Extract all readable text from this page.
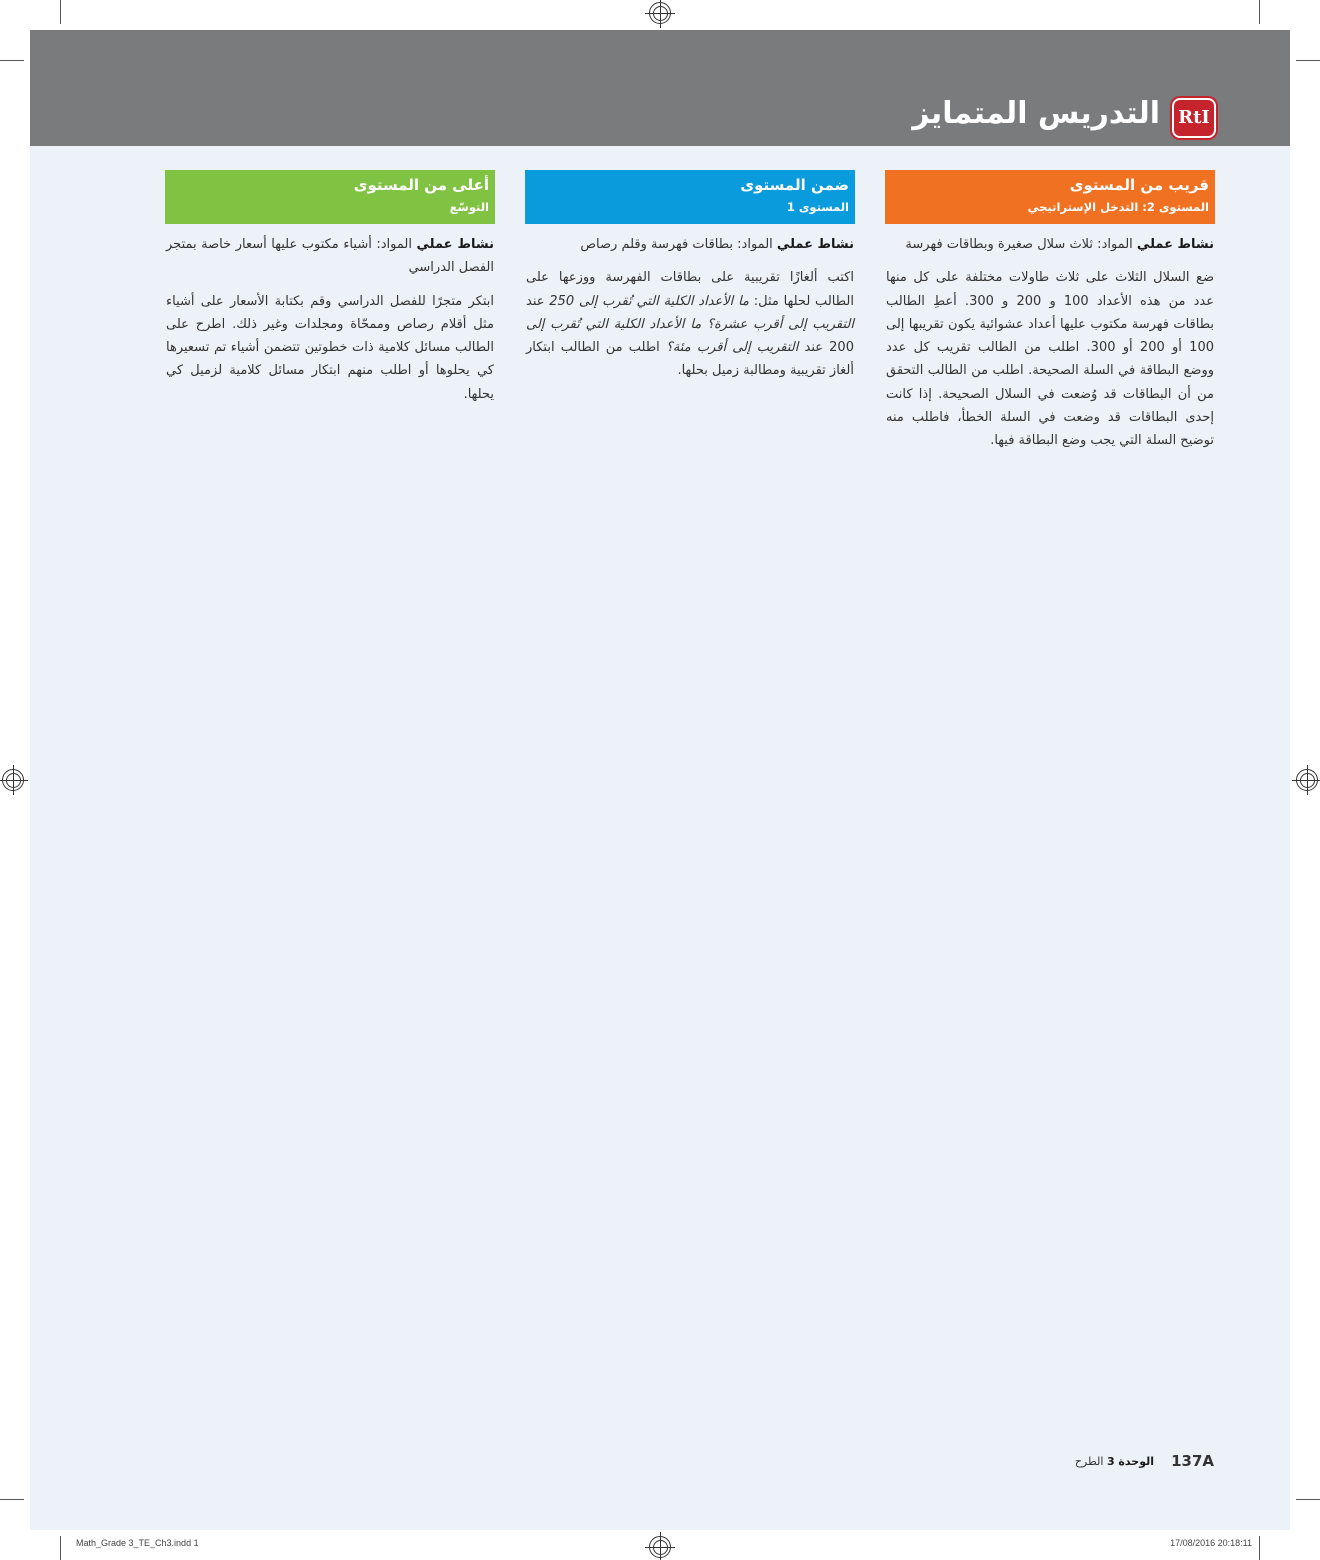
التدريس المتمايز	RtI
قريب من المستوى
المستوى 2: التدخل الإستراتيجي

نشاط عملي المواد: ثلاث سلال صغيرة وبطاقات فهرسة

ضع السلال الثلاث على ثلاث طاولات مختلفة على كل منها عدد من هذه الأعداد 100 و 200 و 300. أعطِ الطالب بطاقات فهرسة مكتوب عليها أعداد عشوائية يكون تقريبها إلى 100 أو 200 أو 300. اطلب من الطالب تقريب كل عدد ووضع البطاقة في السلة الصحيحة. اطلب من الطالب التحقق من أن البطاقات قد وُضعت في السلال الصحيحة. إذا كانت إحدى البطاقات قد وضعت في السلة الخطأ، فاطلب منه توضيح السلة التي يجب وضع البطاقة فيها.

ضمن المستوى
المستوى 1

نشاط عملي المواد: بطاقات فهرسة وقلم رصاص

اكتب ألغازًا تقريبية على بطاقات الفهرسة ووزعها على الطالب لحلها مثل: ما الأعداد الكلية التي تُقرب إلى 250 عند التقريب إلى أقرب عشرة؟ ما الأعداد الكلية التي تُقرب إلى 200 عند التقريب إلى أقرب مئة؟ اطلب من الطالب ابتكار ألغاز تقريبية ومطالبة زميل بحلها.

أعلى من المستوى
التوسّع

نشاط عملي المواد: أشياء مكتوب عليها أسعار خاصة بمتجر الفصل الدراسي

ابتكر متجرًا للفصل الدراسي وقم بكتابة الأسعار على أشياء مثل أقلام رصاص وممحّاة ومجلدات وغير ذلك. اطرح على الطالب مسائل كلامية ذات خطوتين تتضمن أشياء تم تسعيرها كي يحلوها أو اطلب منهم ابتكار مسائل كلامية لزميل كي يحلها.

137A
الوحدة 3 الطرح
Math_Grade 3_TE_Ch3.indd 1	17/08/2016 20:18:11
